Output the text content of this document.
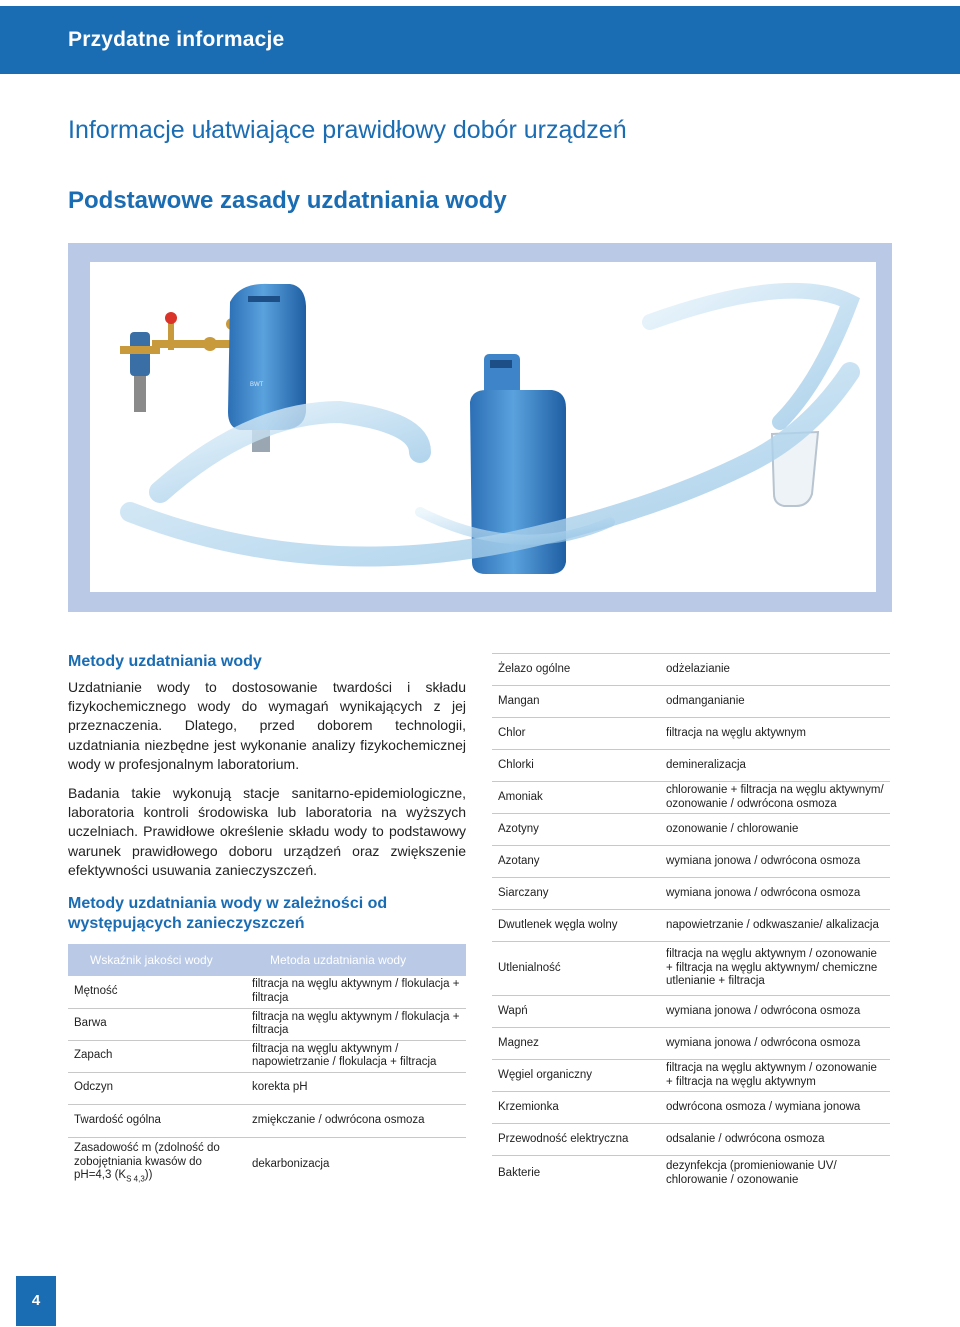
Przydatne informacje
Informacje ułatwiające prawidłowy dobór urządzeń
Podstawowe zasady uzdatniania wody
BWT
Metody uzdatniania wody

Uzdatnianie wody to dostosowanie twardości i składu fizykochemicznego wody do wymagań wynikających z jej przeznaczenia. Dlatego, przed doborem technologii, uzdatniania niezbędne jest wykonanie analizy fizykochemicznej wody w profesjonalnym laboratorium.

Badania takie wykonują stacje sanitarno-epidemiologiczne, laboratoria kontroli środowiska lub laboratoria na wyższych uczelniach. Prawidłowe określenie składu wody to podstawowy warunek prawidłowego doboru urządzeń oraz zwiększenie efektywności usuwania zanieczyszczeń.

Metody uzdatniania wody w zależności od występujących zanieczyszczeń
Wskaźnik jakości wody	Metoda uzdatniania wody
Mętność	filtracja na węglu aktywnym / flokulacja + filtracja
Barwa	filtracja na węglu aktywnym / flokulacja + filtracja
Zapach	filtracja na węglu aktywnym / napowietrzanie / flokulacja + filtracja
Odczyn	korekta pH
Twardość ogólna	zmiękczanie / odwrócona osmoza
Zasadowość m (zdolność do zobojętniania kwasów do pH=4,3 $(K_{S 4,3})$)	dekarbonizacja
Żelazo ogólne	odżelazianie
Mangan	odmanganianie
Chlor	filtracja na węglu aktywnym
Chlorki	demineralizacja
Amoniak	chlorowanie + filtracja na węglu aktywnym/ ozonowanie / odwrócona osmoza
Azotyny	ozonowanie / chlorowanie
Azotany	wymiana jonowa / odwrócona osmoza
Siarczany	wymiana jonowa / odwrócona osmoza
Dwutlenek węgla wolny	napowietrzanie / odkwaszanie/ alkalizacja
Utlenialność	filtracja na węglu aktywnym / ozonowanie + filtracja na węglu aktywnym/ chemiczne utlenianie + filtracja
Wapń	wymiana jonowa / odwrócona osmoza
Magnez	wymiana jonowa / odwrócona osmoza
Węgiel organiczny	filtracja na węglu aktywnym / ozonowanie + filtracja na węglu aktywnym
Krzemionka	odwrócona osmoza / wymiana jonowa
Przewodność elektryczna	odsalanie / odwrócona osmoza
Bakterie	dezynfekcja (promieniowanie UV/ chlorowanie / ozonowanie
4
